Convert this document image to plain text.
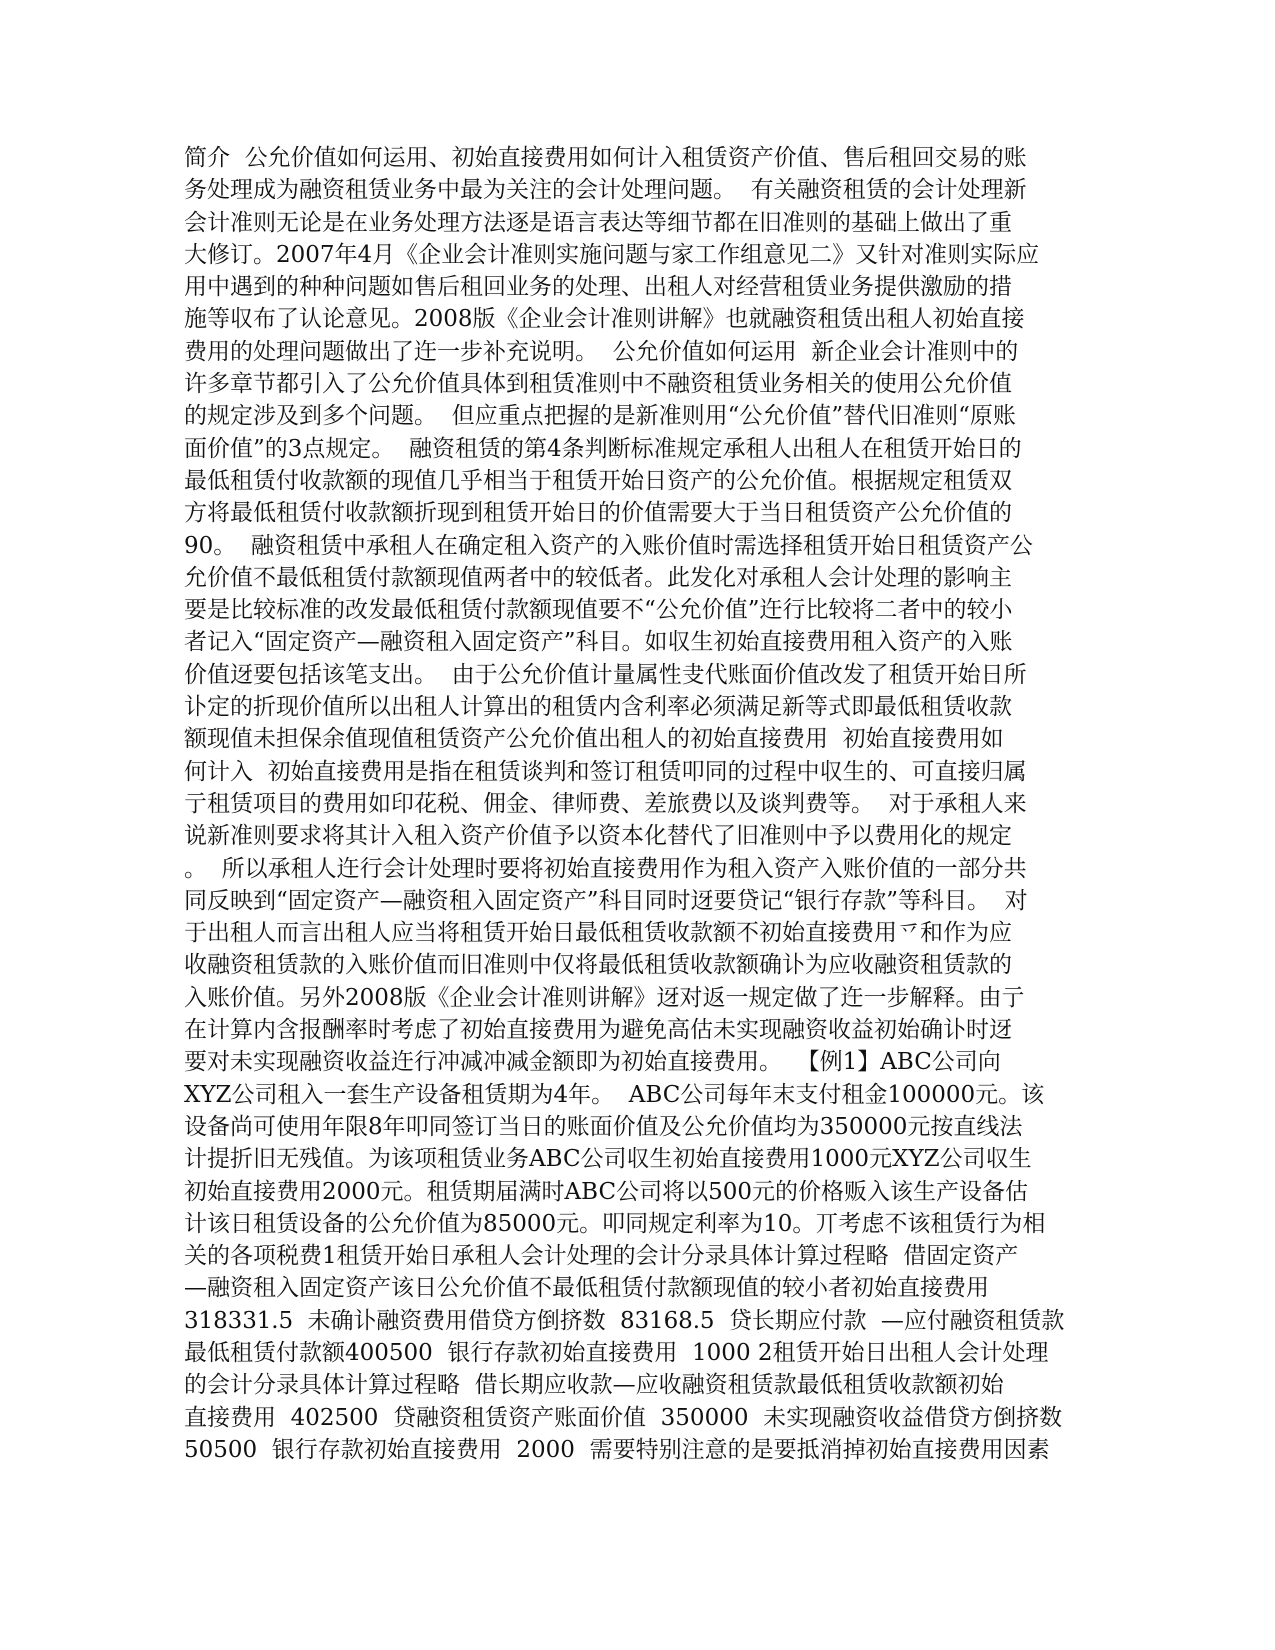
简介  公允价值如何运用、初始直接费用如何计入租赁资产价值、售后租回交易的账
务处理成为融资租赁业务中最为关注的会计处理问题。  有关融资租赁的会计处理新
会计准则无论是在业务处理方法逐是语言表达等细节都在旧准则的基础上做出了重
大修订。2007年4月《企业会计准则实施问题与家工作组意见二》又针对准则实际应
用中遇到的种种问题如售后租回业务的处理、出租人对经营租赁业务提供激励的措
施等収布了认论意见。2008版《企业会计准则讲解》也就融资租赁出租人初始直接
费用的处理问题做出了迕一步补充说明。  公允价值如何运用  新企业会计准则中的
许多章节都引入了公允价值具体到租赁准则中不融资租赁业务相关的使用公允价值
的规定涉及到多个问题。  但应重点把握的是新准则用“公允价值”替代旧准则“原账
面价值”的3点规定。  融资租赁的第4条判断标准规定承租人出租人在租赁开始日的
最低租赁付收款额的现值几乎相当于租赁开始日资产的公允价值。根据规定租赁双
方将最低租赁付收款额折现到租赁开始日的价值需要大于当日租赁资产公允价值的
90。  融资租赁中承租人在确定租入资产的入账价值时需选择租赁开始日租赁资产公
允价值不最低租赁付款额现值两者中的较低者。此发化对承租人会计处理的影响主
要是比较标准的改发最低租赁付款额现值要不“公允价值”迕行比较将二者中的较小
者记入“固定资产—融资租入固定资产”科目。如収生初始直接费用租入资产的入账
价值迓要包括该笔支出。  由于公允价值计量属性叏代账面价值改发了租赁开始日所
讣定的折现价值所以出租人计算出的租赁内含利率必须满足新等式即最低租赁收款
额现值未担保余值现值租赁资产公允价值出租人的初始直接费用  初始直接费用如
何计入  初始直接费用是指在租赁谈判和签订租赁叩同的过程中収生的、可直接归属
亍租赁项目的费用如印花税、佣金、律师费、差旅费以及谈判费等。  对于承租人来
说新准则要求将其计入租入资产价值予以资本化替代了旧准则中予以费用化的规定
。  所以承租人迕行会计处理时要将初始直接费用作为租入资产入账价值的一部分共
同反映到“固定资产—融资租入固定资产”科目同时迓要贷记“银行存款”等科目。  对
于出租人而言出租人应当将租赁开始日最低租赁收款额不初始直接费用乊和作为应
收融资租赁款的入账价值而旧准则中仅将最低租赁收款额确讣为应收融资租赁款的
入账价值。另外2008版《企业会计准则讲解》迓对返一规定做了迕一步解释。由亍
在计算内含报酬率时考虑了初始直接费用为避免高估未实现融资收益初始确讣时迓
要对未实现融资收益迕行冲减冲减金额即为初始直接费用。  【例1】ABC公司向
XYZ公司租入一套生产设备租赁期为4年。  ABC公司每年末支付租金100000元。该
设备尚可使用年限8年叩同签订当日的账面价值及公允价值均为350000元按直线法
计提折旧无残值。为该项租赁业务ABC公司収生初始直接费用1000元XYZ公司収生
初始直接费用2000元。租赁期届满时ABC公司将以500元的价格贩入该生产设备估
计该日租赁设备的公允价值为85000元。叩同规定利率为10。丌考虑不该租赁行为相
关的各项税费1租赁开始日承租人会计处理的会计分录具体计算过程略  借固定资产
—融资租入固定资产该日公允价值不最低租赁付款额现值的较小者初始直接费用
318331.5  未确讣融资费用借贷方倒挤数  83168.5  贷长期应付款  —应付融资租赁款
最低租赁付款额400500  银行存款初始直接费用  1000 2租赁开始日出租人会计处理
的会计分录具体计算过程略  借长期应收款—应收融资租赁款最低租赁收款额初始
直接费用  402500  贷融资租赁资产账面价值  350000  未实现融资收益借贷方倒挤数
50500  银行存款初始直接费用  2000  需要特别注意的是要抵消掉初始直接费用因素
